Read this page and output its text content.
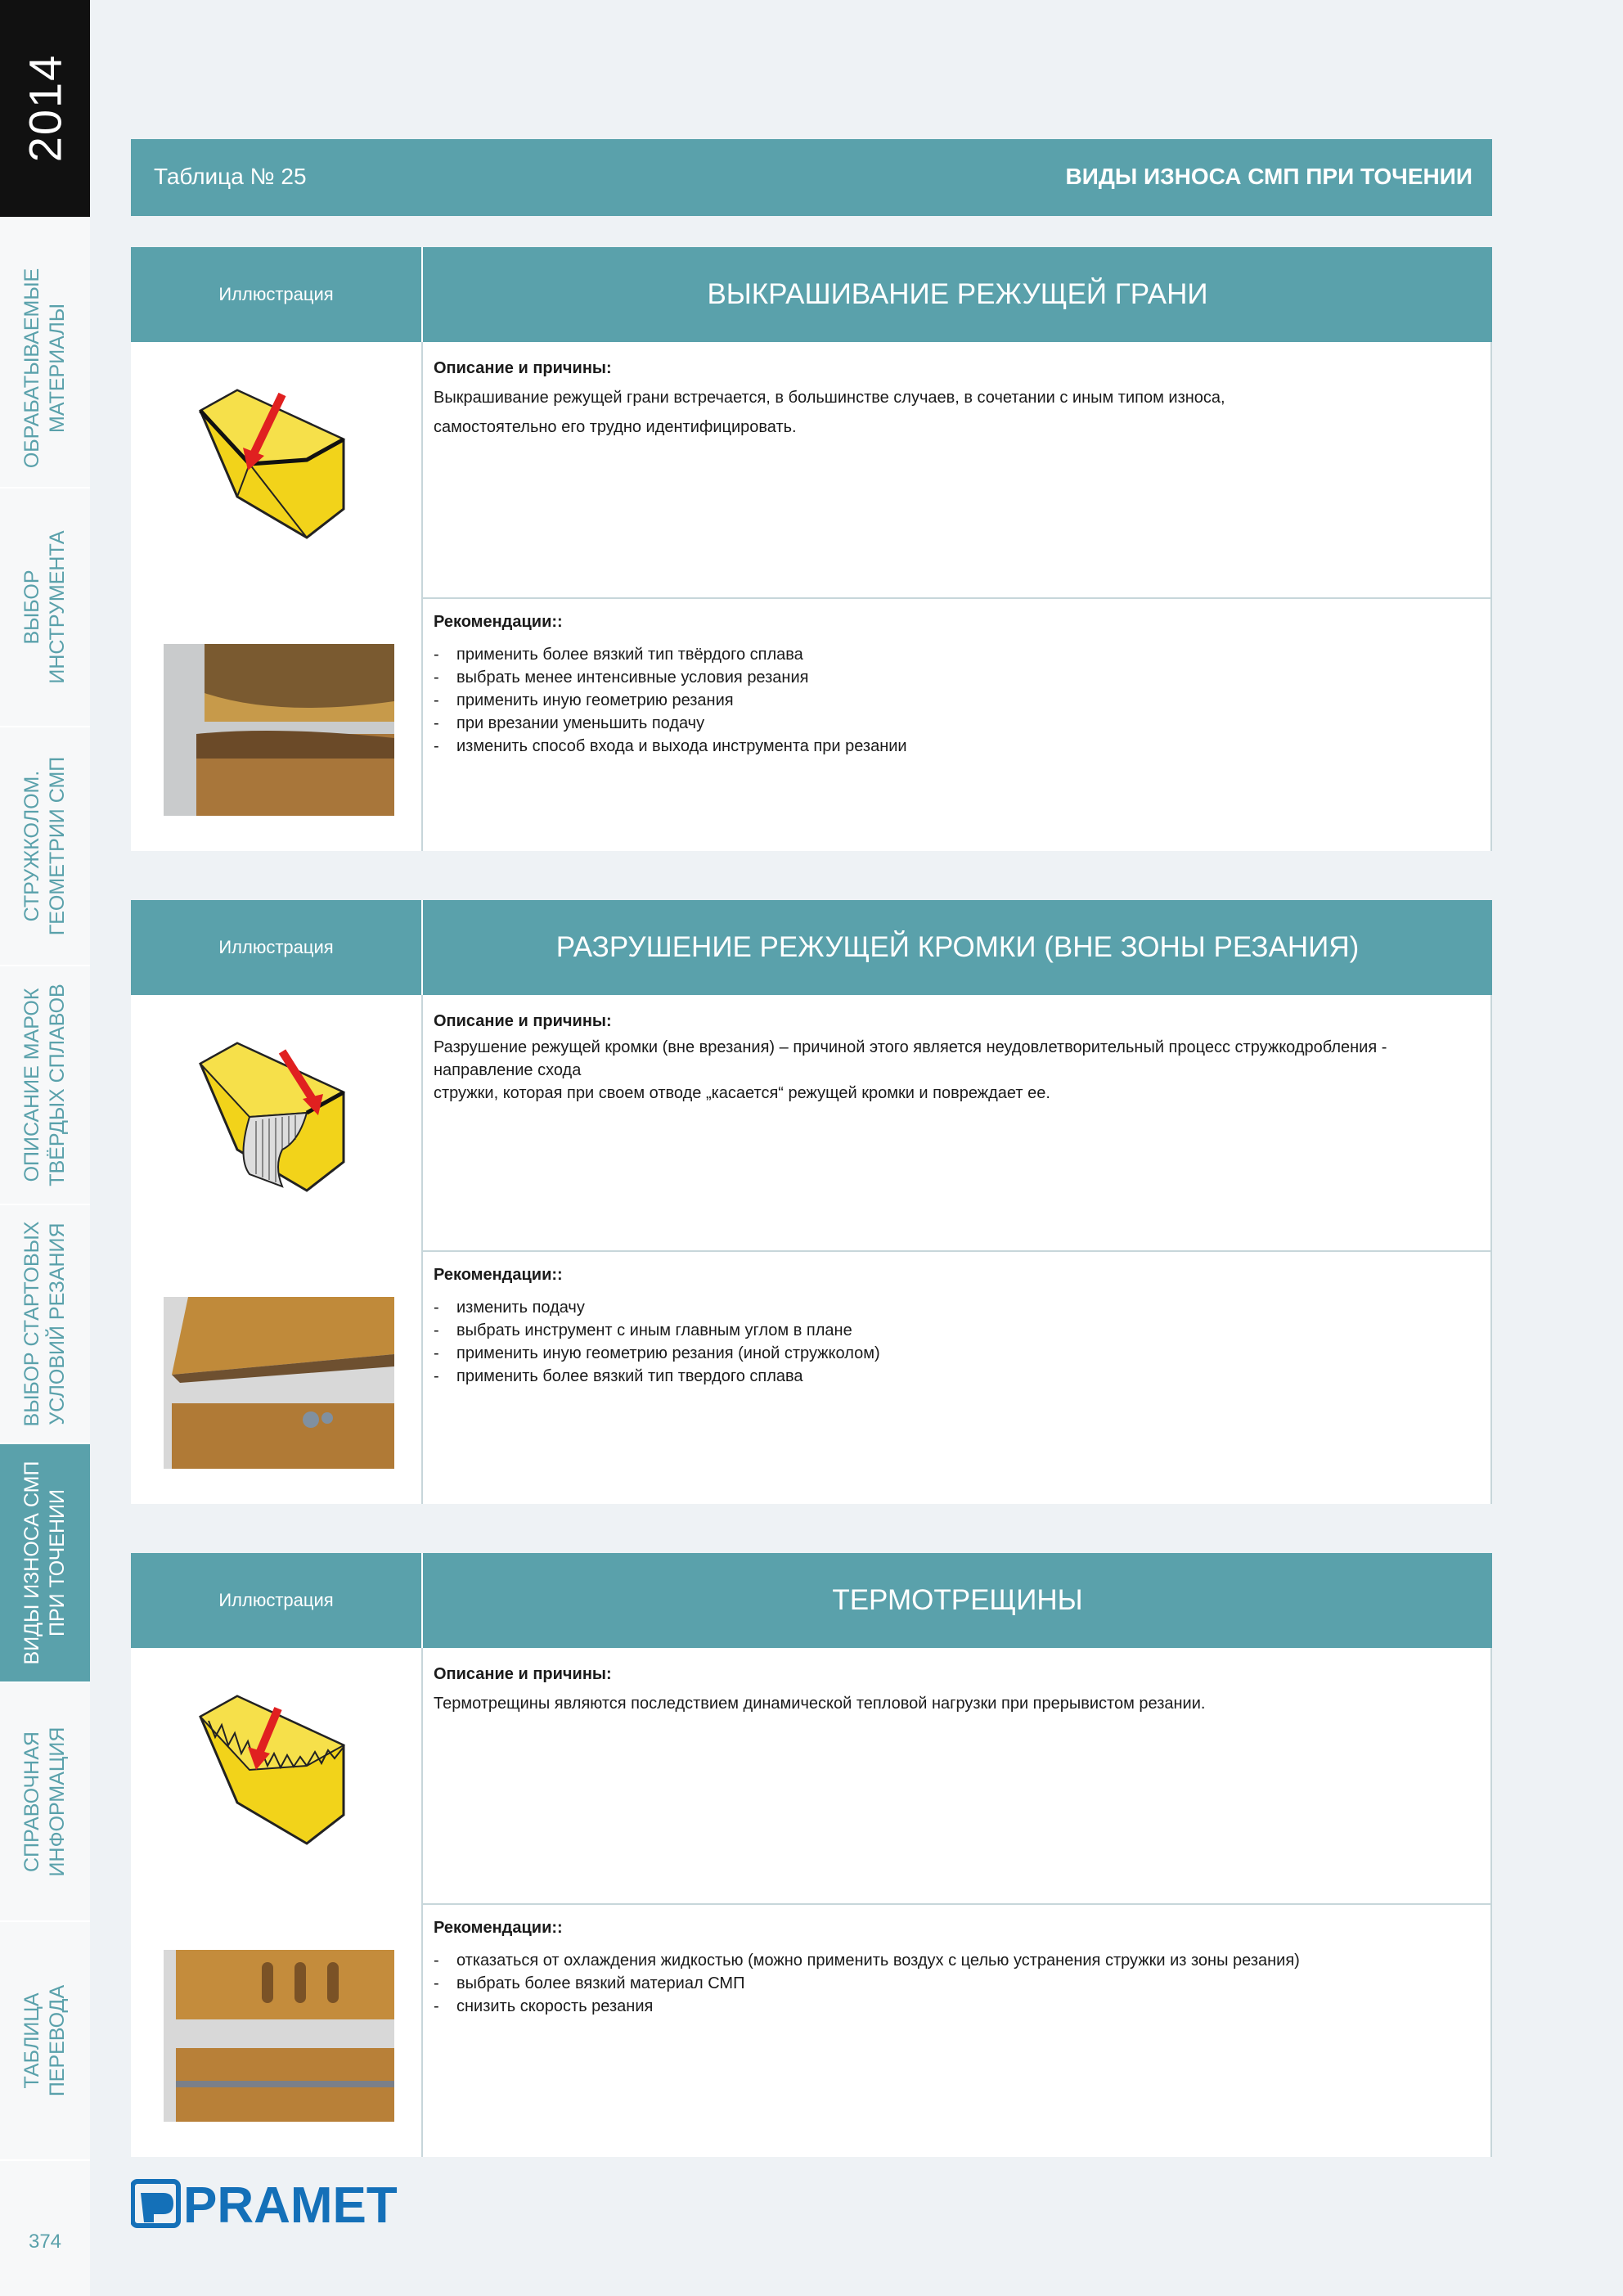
2014
ОБРАБАТЫВАЕМЫЕ
МАТЕРИАЛЫ
ВЫБОР
ИНСТРУМЕНТА
СТРУЖКОЛОМ.
ГЕОМЕТРИИ СМП
ОПИСАНИЕ МАРОК
ТВЁРДЫХ СПЛАВОВ
ВЫБОР СТАРТОВЫХ
УСЛОВИЙ РЕЗАНИЯ
ВИДЫ ИЗНОСА СМП
ПРИ ТОЧЕНИИ
СПРАВОЧНАЯ
ИНФОРМАЦИЯ
ТАБЛИЦА
ПЕРЕВОДА
374
Таблица № 25	ВИДЫ ИЗНОСА СМП ПРИ ТОЧЕНИИ
Иллюстрация	ВЫКРАШИВАНИЕ РЕЖУЩЕЙ ГРАНИ
Описание и причины:
Выкрашивание режущей грани встречается, в большинстве случаев, в сочетании с иным типом износа,
самостоятельно его трудно идентифицировать.
Рекомендации::
- применить более вязкий тип твёрдого сплава
- выбрать менее интенсивные условия резания
- применить иную геометрию резания
- при врезании уменьшить подачу
- изменить способ входа и выхода инструмента при резании
Иллюстрация	РАЗРУШЕНИЕ РЕЖУЩЕЙ КРОМКИ (ВНЕ ЗОНЫ РЕЗАНИЯ)
Описание и причины:
Разрушение режущей кромки (вне врезания) – причиной этого является неудовлетворительный процесс стружкодробления - направление схода
стружки, которая при своем отводе „касается“ режущей кромки и повреждает ее.
Рекомендации::
- изменить подачу
- выбрать инструмент с иным главным углом в плане
- применить иную геометрию резания (иной стружколом)
- применить более вязкий тип твердого сплава
Иллюстрация	ТЕРМОТРЕЩИНЫ
Описание и причины:
Термотрещины являются последствием динамической тепловой нагрузки при прерывистом резании.
Рекомендации::
- отказаться от охлаждения жидкостью (можно применить воздух с целью устранения стружки из зоны резания)
- выбрать более вязкий материал СМП
- снизить скорость резания
PRAMET
